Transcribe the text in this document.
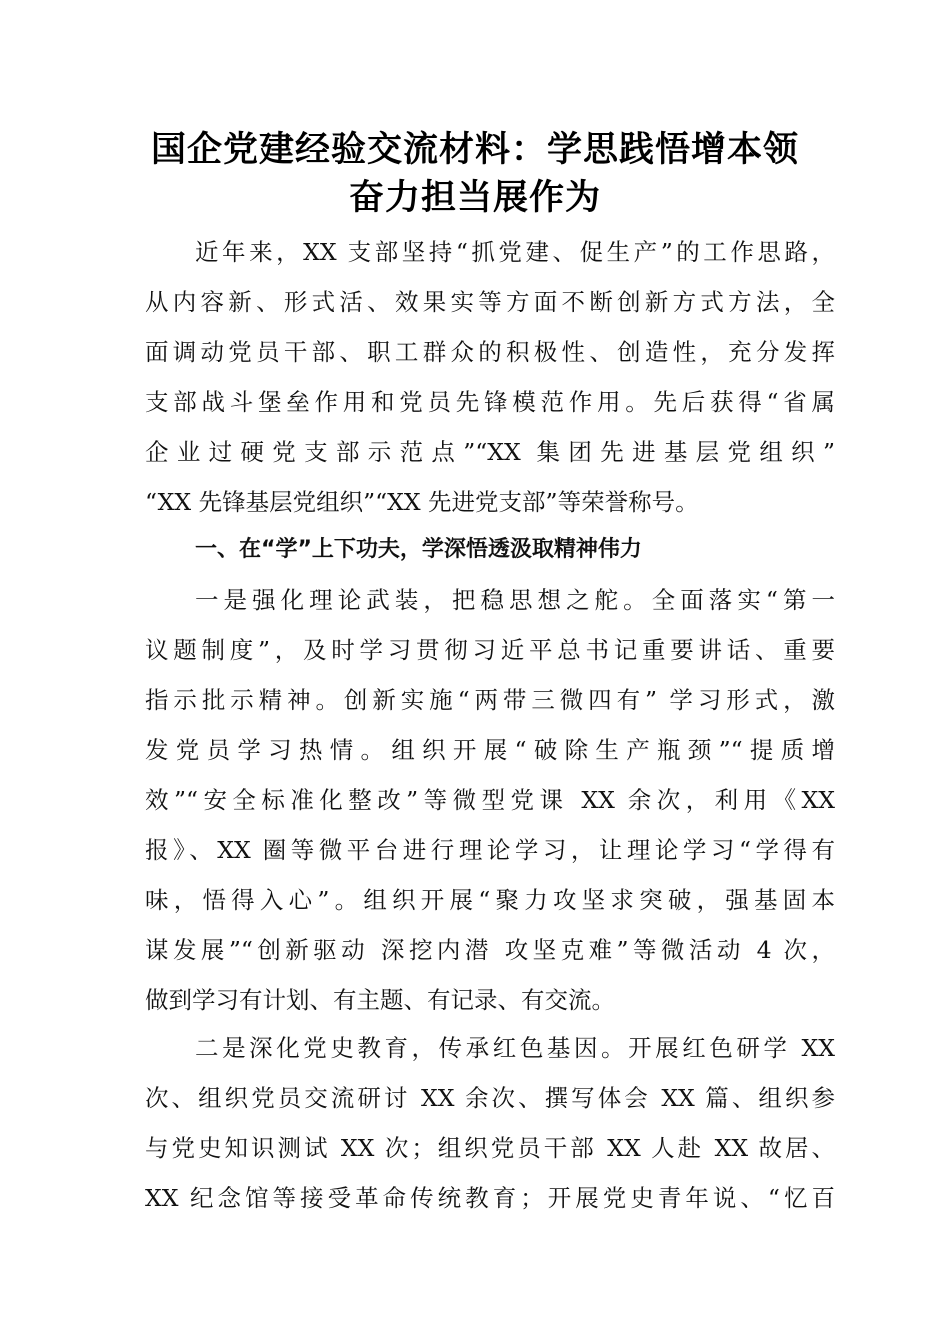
国企党建经验交流材料：学思践悟增本领
奋力担当展作为
近年来，XX 支部坚持“抓党建、促生产”的工作思路，
从内容新、形式活、效果实等方面不断创新方式方法，全
面调动党员干部、职工群众的积极性、创造性，充分发挥
支部战斗堡垒作用和党员先锋模范作用。先后获得“省属
企业过硬党支部示范点”“XX 集团先进基层党组织”
“XX 先锋基层党组织”“XX 先进党支部”等荣誉称号。
一、在“学”上下功夫，学深悟透汲取精神伟力
一是强化理论武装，把稳思想之舵。全面落实“第一
议题制度”，及时学习贯彻习近平总书记重要讲话、重要
指示批示精神。创新实施“两带三微四有” 学习形式，激
发党员学习热情。组织开展“破除生产瓶颈”“提质增
效”“安全标准化整改”等微型党课 XX 余次，利用《XX
报》、XX 圈等微平台进行理论学习，让理论学习“学得有
味，悟得入心”。组织开展“聚力攻坚求突破，强基固本
谋发展”“创新驱动 深挖内潜 攻坚克难”等微活动 4 次，
做到学习有计划、有主题、有记录、有交流。
二是深化党史教育，传承红色基因。开展红色研学 XX
次、组织党员交流研讨 XX 余次、撰写体会 XX 篇、组织参
与党史知识测试 XX 次；组织党员干部 XX 人赴 XX 故居、
XX 纪念馆等接受革命传统教育；开展党史青年说、“忆百
